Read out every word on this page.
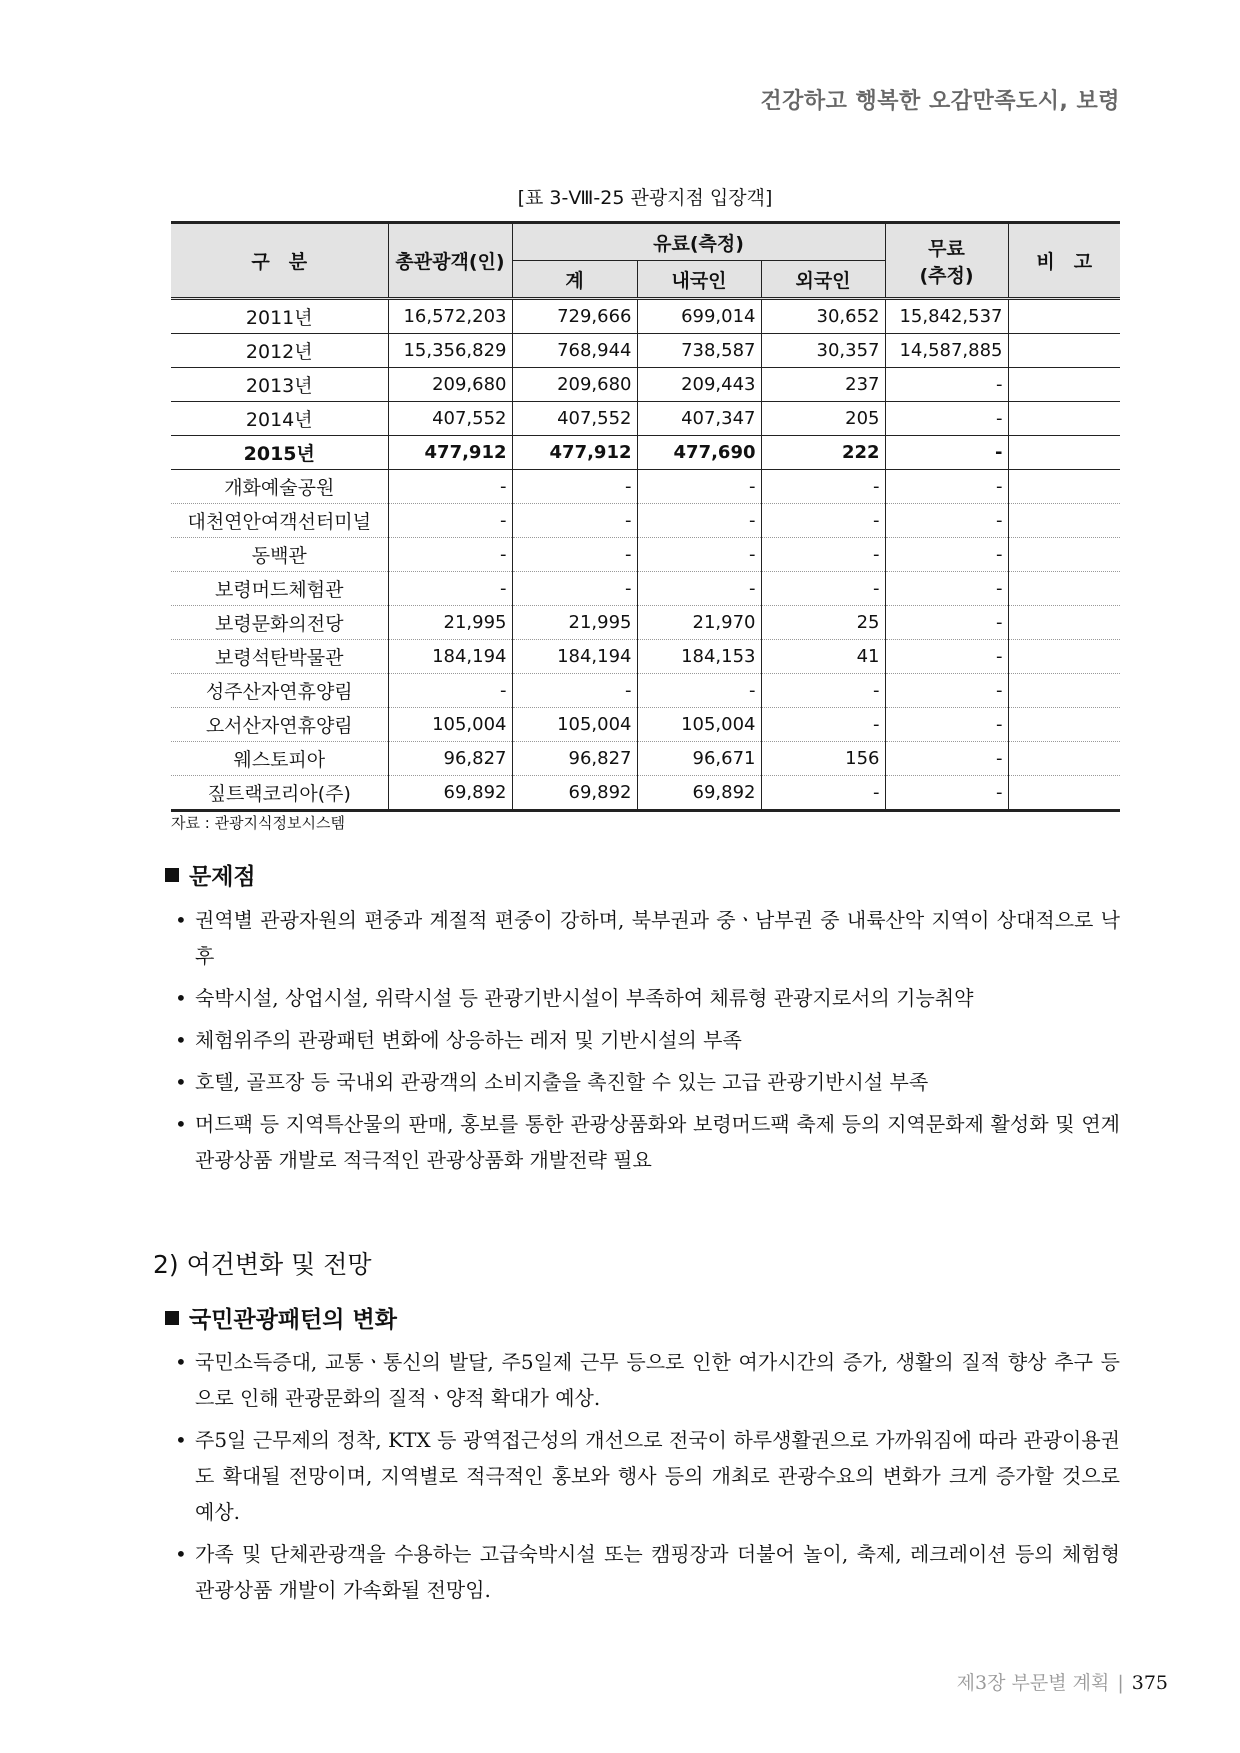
건강하고 행복한 오감만족도시, 보령
[표 3-Ⅷ-25 관광지점 입장객]
구　분	총관광객(인)	유료(측정)			무료
(추정)	비　고
		계	내국인	외국인		
2011년	16,572,203	729,666	699,014	30,652	15,842,537	
2012년	15,356,829	768,944	738,587	30,357	14,587,885	
2013년	209,680	209,680	209,443	237	-	
2014년	407,552	407,552	407,347	205	-	
2015년	477,912	477,912	477,690	222	-	
개화예술공원	-	-	-	-	-	
대천연안여객선터미널	-	-	-	-	-	
동백관	-	-	-	-	-	
보령머드체험관	-	-	-	-	-	
보령문화의전당	21,995	21,995	21,970	25	-	
보령석탄박물관	184,194	184,194	184,153	41	-	
성주산자연휴양림	-	-	-	-	-	
오서산자연휴양림	105,004	105,004	105,004	-	-	
웨스토피아	96,827	96,827	96,671	156	-	
짚트랙코리아(주)	69,892	69,892	69,892	-	-	
자료 : 관광지식정보시스템
문제점
• 권역별 관광자원의 편중과 계절적 편중이 강하며, 북부권과 중ㆍ남부권 중 내륙산악 지역이 상대적으로 낙후
• 숙박시설, 상업시설, 위락시설 등 관광기반시설이 부족하여 체류형 관광지로서의 기능취약
• 체험위주의 관광패턴 변화에 상응하는 레저 및 기반시설의 부족
• 호텔, 골프장 등 국내외 관광객의 소비지출을 촉진할 수 있는 고급 관광기반시설 부족
• 머드팩 등 지역특산물의 판매, 홍보를 통한 관광상품화와 보령머드팩 축제 등의 지역문화제 활성화 및 연계관광상품 개발로 적극적인 관광상품화 개발전략 필요
2) 여건변화 및 전망
국민관광패턴의 변화
• 국민소득증대, 교통ㆍ통신의 발달, 주5일제 근무 등으로 인한 여가시간의 증가, 생활의 질적 향상 추구 등으로 인해 관광문화의 질적ㆍ양적 확대가 예상.
• 주5일 근무제의 정착, KTX 등 광역접근성의 개선으로 전국이 하루생활권으로 가까워짐에 따라 관광이용권도 확대될 전망이며, 지역별로 적극적인 홍보와 행사 등의 개최로 관광수요의 변화가 크게 증가할 것으로 예상.
• 가족 및 단체관광객을 수용하는 고급숙박시설 또는 캠핑장과 더불어 놀이, 축제, 레크레이션 등의 체험형 관광상품 개발이 가속화될 전망임.
제3장 부문별 계획 | 375
